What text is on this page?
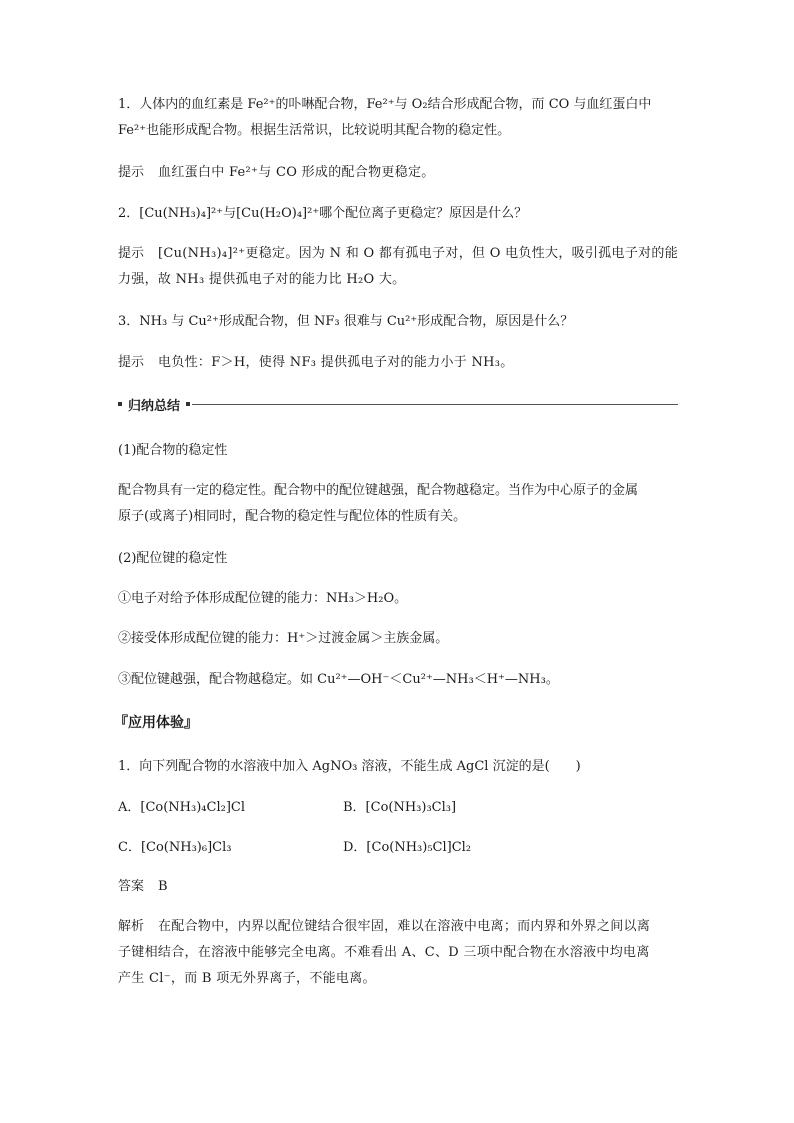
1．人体内的血红素是 Fe²⁺的卟啉配合物，Fe²⁺与 O₂结合形成配合物，而 CO 与血红蛋白中
Fe²⁺也能形成配合物。根据生活常识，比较说明其配合物的稳定性。

提示 血红蛋白中 Fe²⁺与 CO 形成的配合物更稳定。

2．[Cu(NH₃)₄]²⁺与[Cu(H₂O)₄]²⁺哪个配位离子更稳定？原因是什么？

提示 [Cu(NH₃)₄]²⁺更稳定。因为 N 和 O 都有孤电子对，但 O 电负性大，吸引孤电子对的能
力强，故 NH₃ 提供孤电子对的能力比 H₂O 大。

3．NH₃ 与 Cu²⁺形成配合物，但 NF₃ 很难与 Cu²⁺形成配合物，原因是什么？

提示 电负性：F＞H，使得 NF₃ 提供孤电子对的能力小于 NH₃。

归纳总结

(1)配合物的稳定性

配合物具有一定的稳定性。配合物中的配位键越强，配合物越稳定。当作为中心原子的金属
原子(或离子)相同时，配合物的稳定性与配位体的性质有关。

(2)配位键的稳定性

①电子对给予体形成配位键的能力：NH₃＞H₂O。

②接受体形成配位键的能力：H⁺＞过渡金属＞主族金属。

③配位键越强，配合物越稳定。如 Cu²⁺—OH⁻＜Cu²⁺—NH₃＜H⁺—NH₃。

『应用体验』

1．向下列配合物的水溶液中加入 AgNO₃ 溶液，不能生成 AgCl 沉淀的是(　　)

A．[Co(NH₃)₄Cl₂]Cl	B．[Co(NH₃)₃Cl₃]
C．[Co(NH₃)₆]Cl₃	D．[Co(NH₃)₅Cl]Cl₂

答案 B

解析 在配合物中，内界以配位键结合很牢固，难以在溶液中电离；而内界和外界之间以离
子键相结合，在溶液中能够完全电离。不难看出 A、C、D 三项中配合物在水溶液中均电离
产生 Cl⁻，而 B 项无外界离子，不能电离。
